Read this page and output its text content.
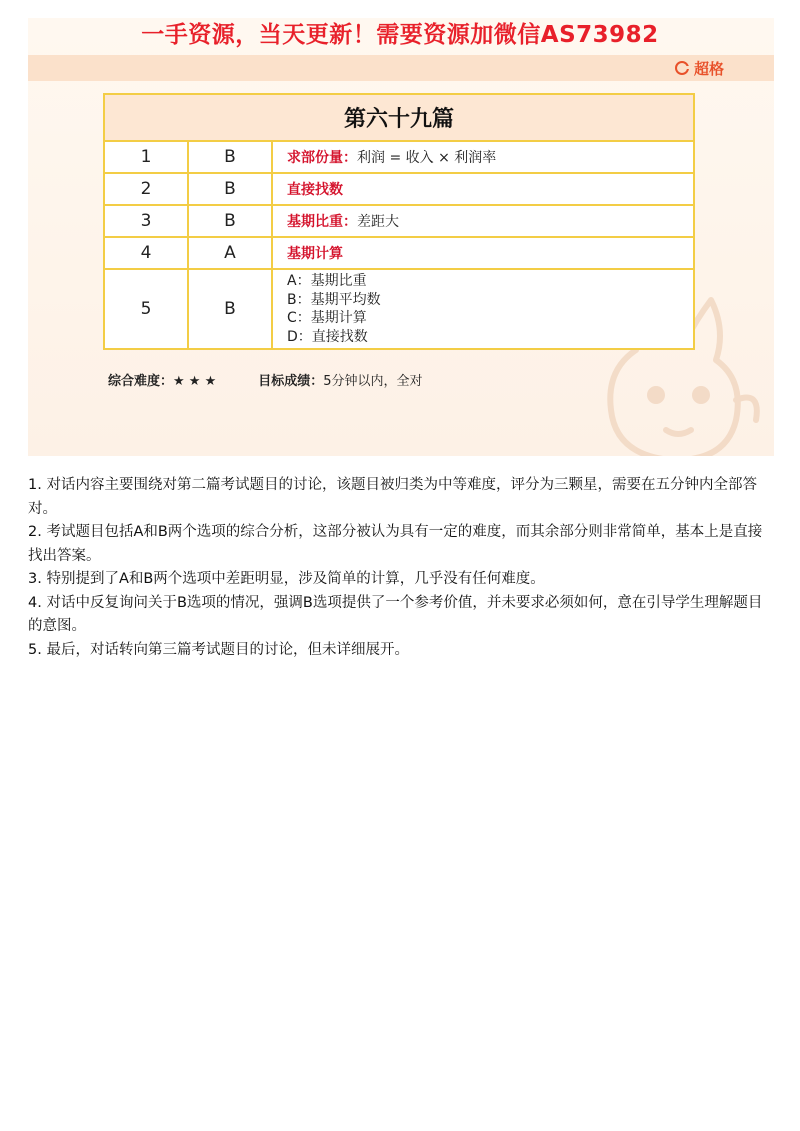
超格
第六十九篇		
1	B	求部份量：利润 = 收入 × 利润率
2	B	直接找数
3	B	基期比重：差距大
4	A	基期计算
5	B	A：基期比重
B：基期平均数
C：基期计算
D：直接找数
综合难度：★ ★ ★	目标成绩：5分钟以内，全对
一手资源，当天更新！需要资源加微信AS73982

1. 对话内容主要围绕对第二篇考试题目的讨论，该题目被归类为中等难度，评分为三颗星，需要在五分钟内全部答对。

2. 考试题目包括A和B两个选项的综合分析，这部分被认为具有一定的难度，而其余部分则非常简单，基本上是直接找出答案。

3. 特别提到了A和B两个选项中差距明显，涉及简单的计算，几乎没有任何难度。

4. 对话中反复询问关于B选项的情况，强调B选项提供了一个参考价值，并未要求必须如何，意在引导学生理解题目的意图。

5. 最后，对话转向第三篇考试题目的讨论，但未详细展开。
